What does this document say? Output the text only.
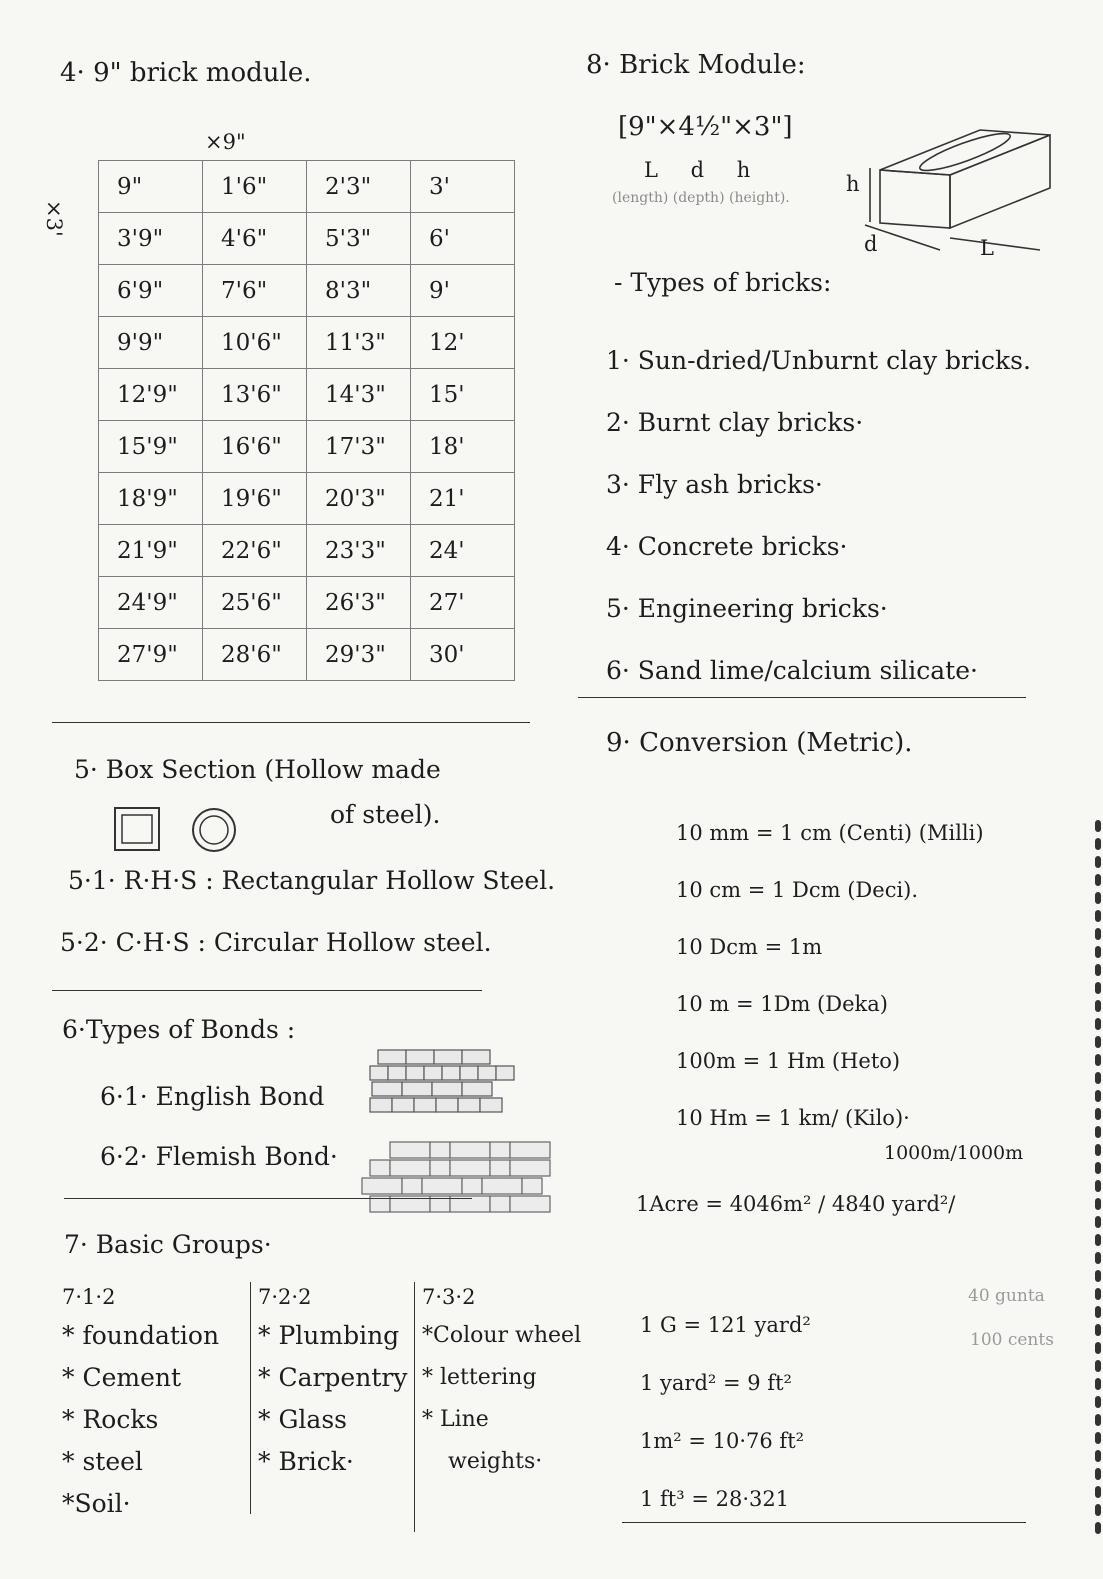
4· 9" brick module.
×9"
×3'
9"	1'6"	2'3"	3'
3'9"	4'6"	5'3"	6'
6'9"	7'6"	8'3"	9'
9'9"	10'6"	11'3"	12'
12'9"	13'6"	14'3"	15'
15'9"	16'6"	17'3"	18'
18'9"	19'6"	20'3"	21'
21'9"	22'6"	23'3"	24'
24'9"	25'6"	26'3"	27'
27'9"	28'6"	29'3"	30'
5· Box Section (Hollow made
of steel).
5·1· R·H·S : Rectangular Hollow Steel.
5·2· C·H·S : Circular Hollow steel.
6·Types of Bonds :
6·1· English Bond
6·2· Flemish Bond·
7· Basic Groups·
7·1·2
* foundation
* Cement
* Rocks
* steel
*Soil·
7·2·2
* Plumbing
* Carpentry
* Glass
* Brick·
7·3·2
*Colour wheel
* lettering
* Line
weights·
8· Brick Module:
[9"×4½"×3"]
L d h
(length) (depth) (height).
h
d	L
- Types of bricks:
1· Sun-dried/Unburnt clay bricks.
2· Burnt clay bricks·
3· Fly ash bricks·
4· Concrete bricks·
5· Engineering bricks·
6· Sand lime/calcium silicate·
9· Conversion (Metric).
10 mm = 1 cm (Centi) (Milli)
10 cm = 1 Dcm (Deci).
10 Dcm = 1m
10 m = 1Dm (Deka)
100m = 1 Hm (Heto)
10 Hm = 1 km/ (Kilo)·
1000m/1000m
1Acre = 4046m² / 4840 yard²/
40 gunta
100 cents
1 G = 121 yard²
1 yard² = 9 ft²
1m² = 10·76 ft²
1 ft³ = 28·321
